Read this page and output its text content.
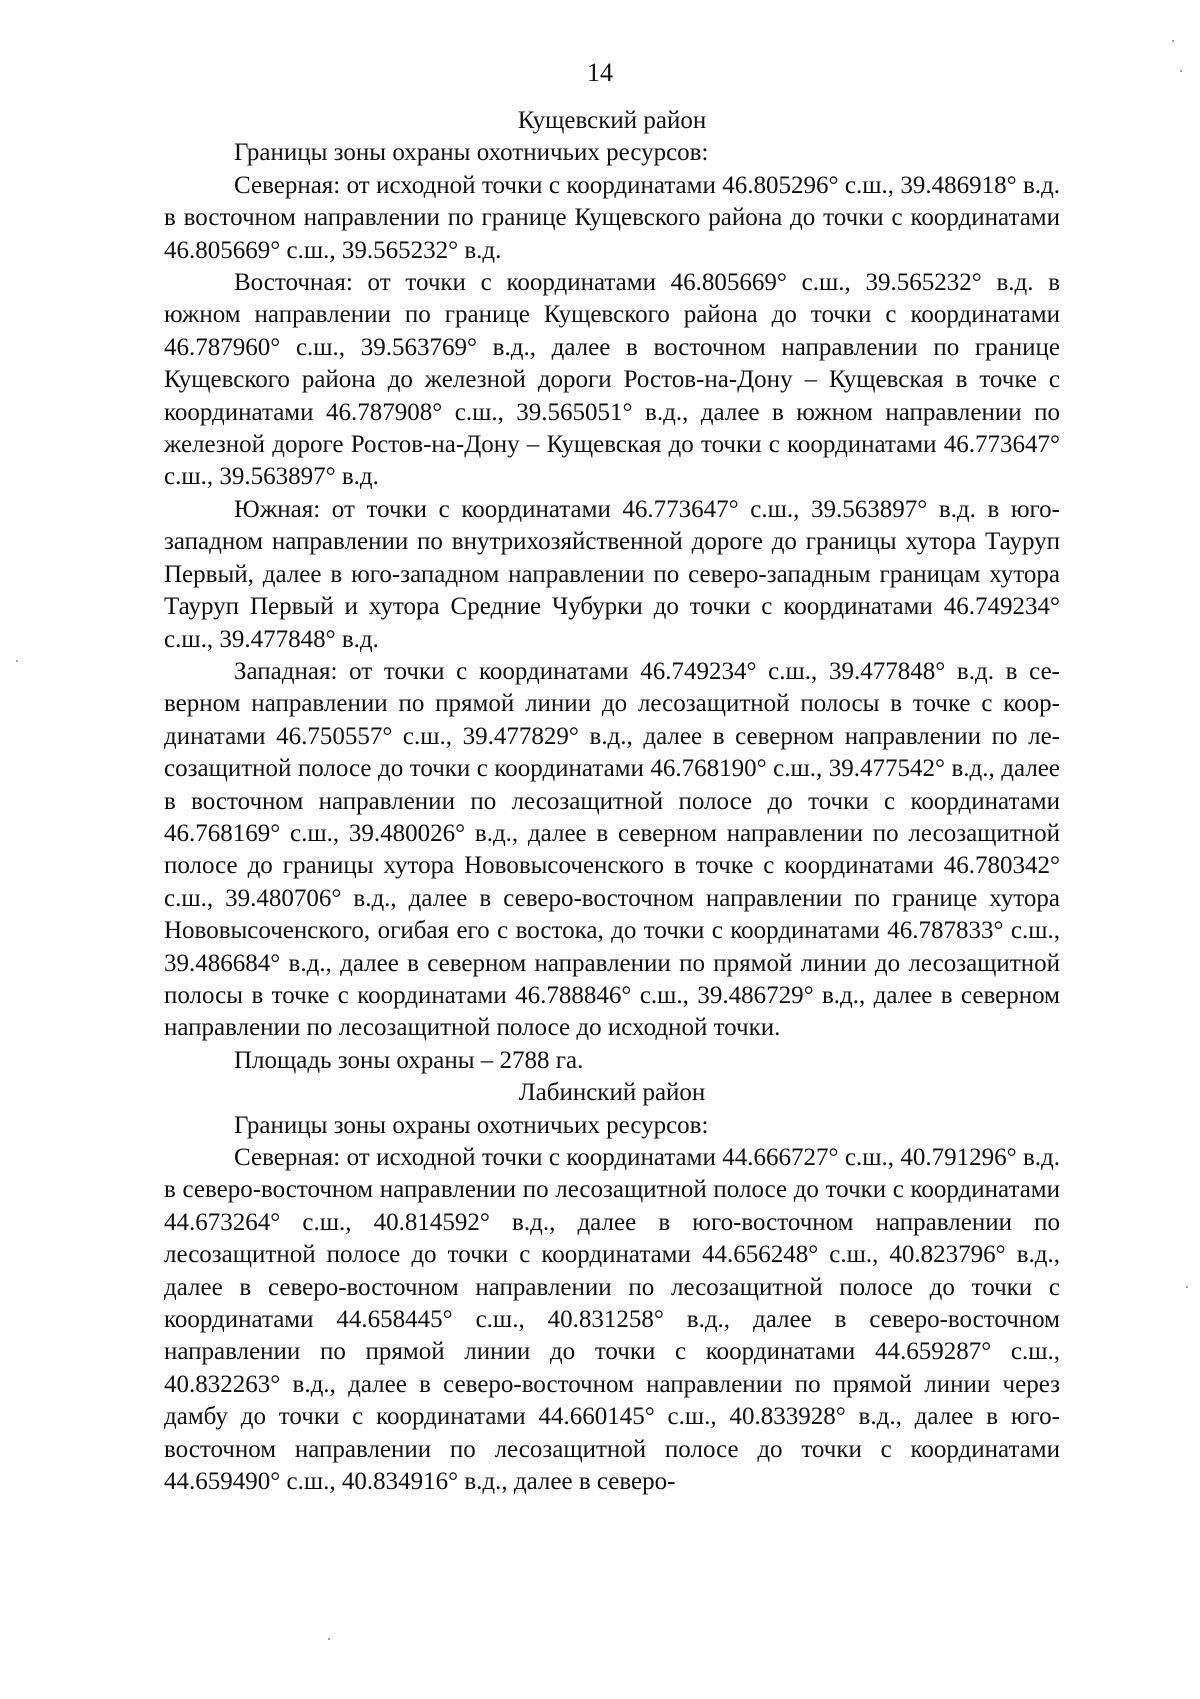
14

Кущевский район

Границы зоны охраны охотничьих ресурсов:

Северная: от исходной точки с координатами 46.805296° с.ш., 39.486918° в.д. в восточном направлении по границе Кущевского района до точки с координатами 46.805669° с.ш., 39.565232° в.д.

Восточная: от точки с координатами 46.805669° с.ш., 39.565232° в.д. в южном направлении по границе Кущевского района до точки с координатами 46.787960° с.ш., 39.563769° в.д., далее в восточном направлении по границе Кущевского района до железной дороги Ростов-на-Дону – Кущевская в точке с координатами 46.787908° с.ш., 39.565051° в.д., далее в южном направлении по железной дороге Ростов-на-Дону – Кущевская до точки с координатами 46.773647° с.ш., 39.563897° в.д.

Южная: от точки с координатами 46.773647° с.ш., 39.563897° в.д. в юго-западном направлении по внутрихозяйственной дороге до границы хутора Тауруп Первый, далее в юго-западном направлении по северо-западным границам хутора Тауруп Первый и хутора Средние Чубурки до точки с координатами 46.749234° с.ш., 39.477848° в.д.

Западная: от точки с координатами 46.749234° с.ш., 39.477848° в.д. в северном направлении по прямой линии до лесозащитной полосы в точке с координатами 46.750557° с.ш., 39.477829° в.д., далее в северном направлении по лесозащитной полосе до точки с координатами 46.768190° с.ш., 39.477542° в.д., далее в восточном направлении по лесозащитной полосе до точки с координатами 46.768169° с.ш., 39.480026° в.д., далее в северном направлении по лесозащитной полосе до границы хутора Нововысоченского в точке с координатами 46.780342° с.ш., 39.480706° в.д., далее в северо-восточном направлении по границе хутора Нововысоченского, огибая его с востока, до точки с координатами 46.787833° с.ш., 39.486684° в.д., далее в северном направлении по прямой линии до лесозащитной полосы в точке с координатами 46.788846° с.ш., 39.486729° в.д., далее в северном направлении по лесозащитной полосе до исходной точки.

Площадь зоны охраны – 2788 га.

Лабинский район

Границы зоны охраны охотничьих ресурсов:

Северная: от исходной точки с координатами 44.666727° с.ш., 40.791296° в.д. в северо-восточном направлении по лесозащитной полосе до точки с координатами 44.673264° с.ш., 40.814592° в.д., далее в юго-восточном направлении по лесозащитной полосе до точки с координатами 44.656248° с.ш., 40.823796° в.д., далее в северо-восточном направлении по лесозащитной полосе до точки с координатами 44.658445° с.ш., 40.831258° в.д., далее в северо-восточном направлении по прямой линии до точки с координатами 44.659287° с.ш., 40.832263° в.д., далее в северо-восточном направлении по прямой линии через дамбу до точки с координатами 44.660145° с.ш., 40.833928° в.д., далее в юго-восточном направлении по лесозащитной полосе до точки с координатами 44.659490° с.ш., 40.834916° в.д., далее в северо-
